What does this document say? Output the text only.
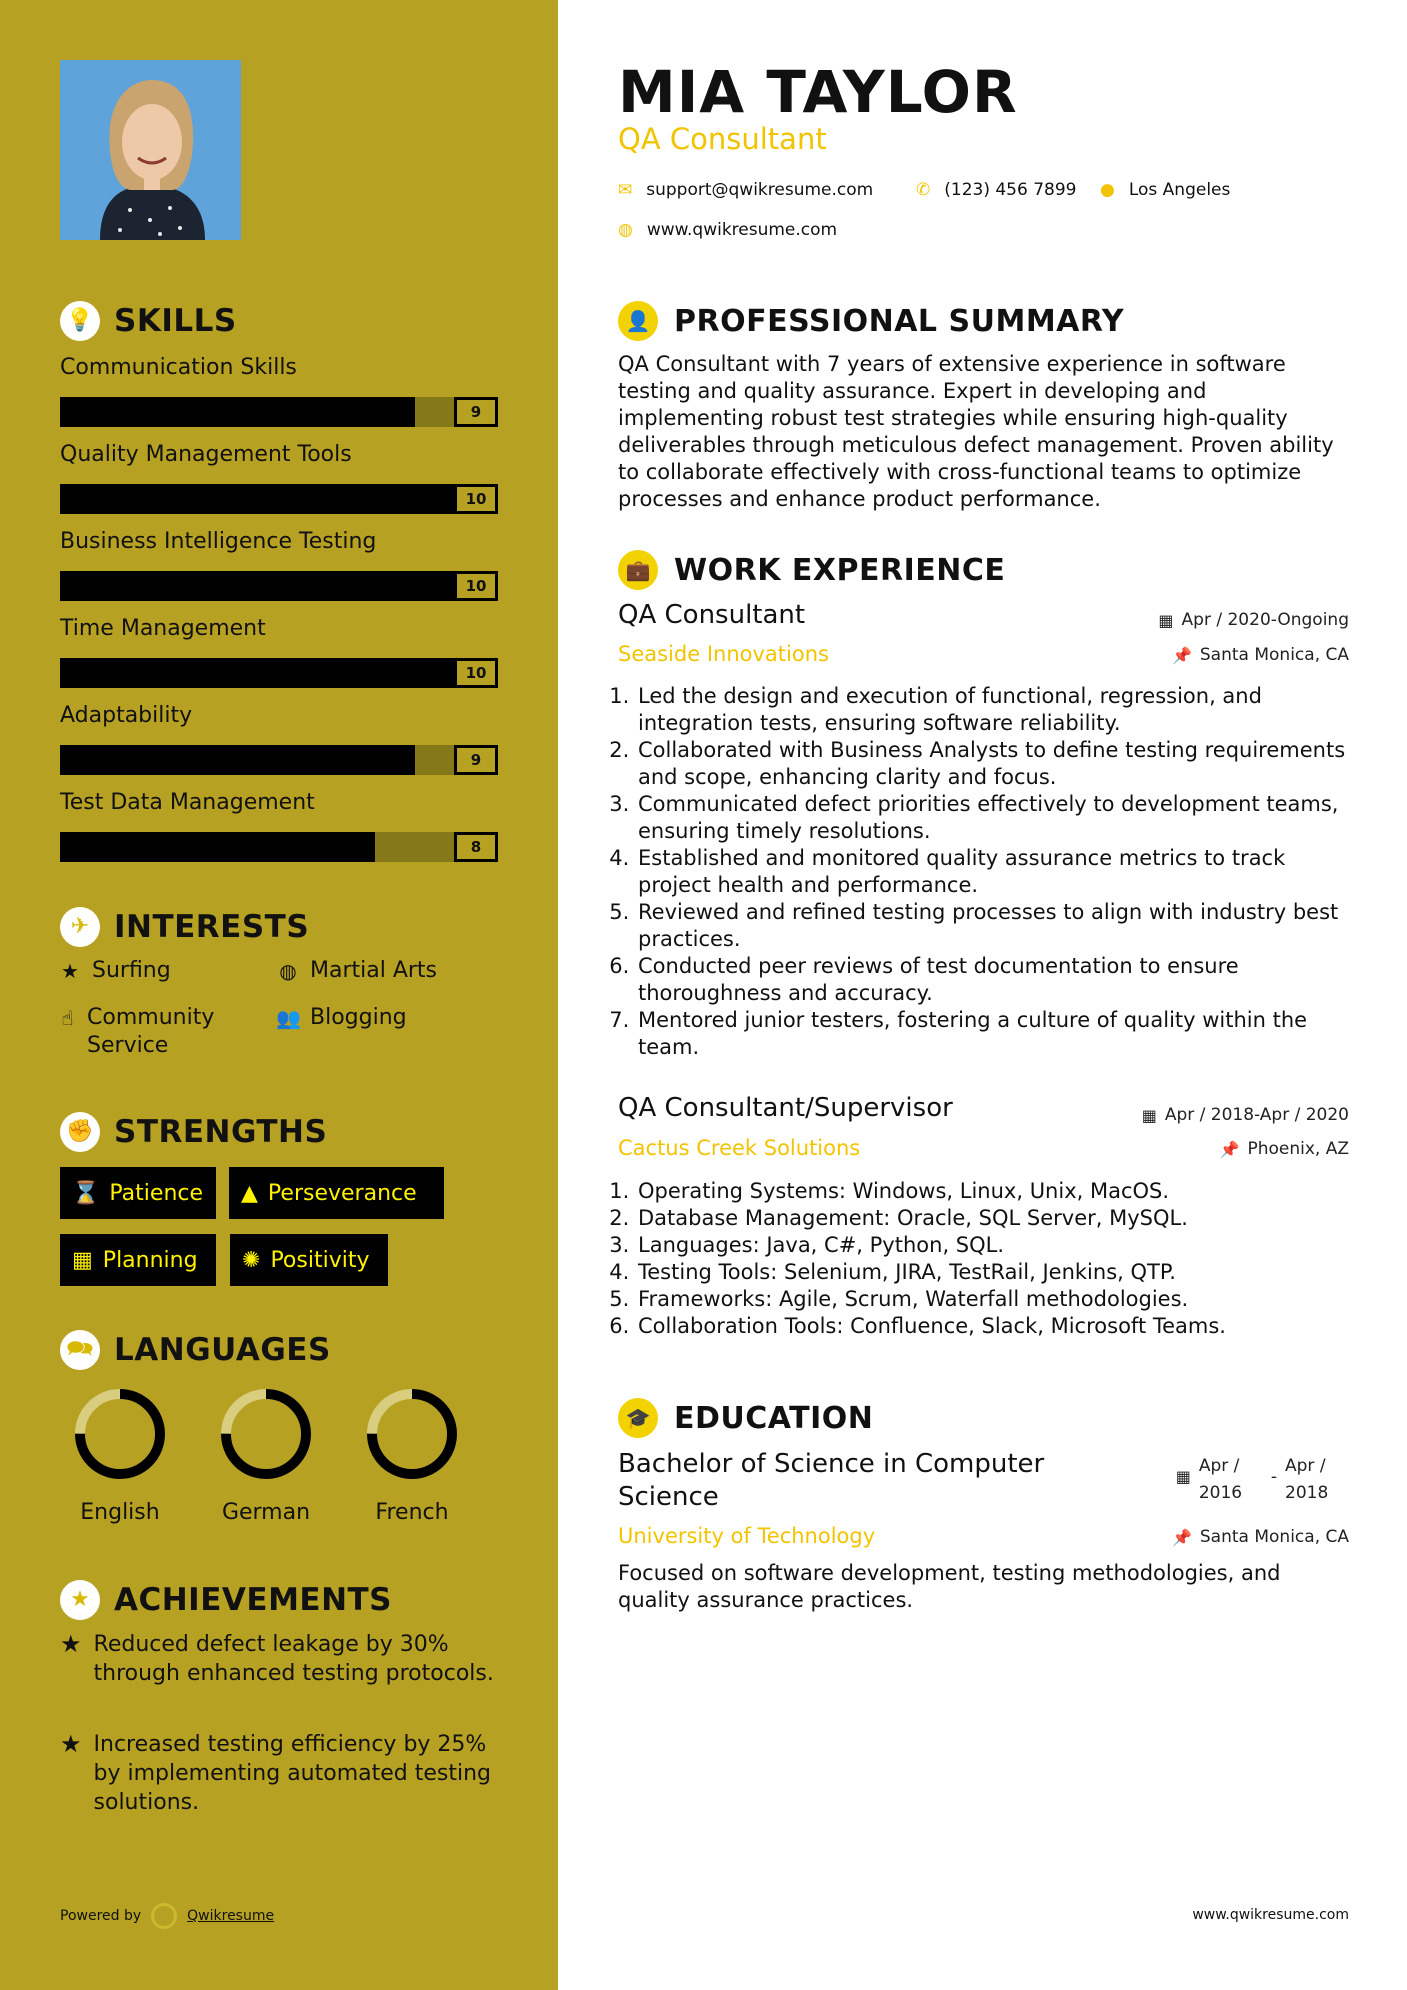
💡 SKILLS
Communication Skills
9
Quality Management Tools
10
Business Intelligence Testing
10
Time Management
10
Adaptability
9
Test Data Management
8
✈ INTERESTS
★ Surfing	◍ Martial Arts
☝ Community Service
👥 Blogging
✊ STRENGTHS
⌛ Patience ▲ Perseverance
▦ Planning ✺ Positivity
🗪 LANGUAGES
English	German	French
★ ACHIEVEMENTS
★ Reduced defect leakage by 30% through enhanced testing protocols.
★ Increased testing efficiency by 25% by implementing automated testing solutions.
Powered by	Qwikresume
MIA TAYLOR
QA Consultant
✉ support@qwikresume.com	✆ (123) 456 7899 ● Los Angeles
◍ www.qwikresume.com
👤 PROFESSIONAL SUMMARY
QA Consultant with 7 years of extensive experience in software testing and quality assurance. Expert in developing and implementing robust test strategies while ensuring high-quality deliverables through meticulous defect management. Proven ability to collaborate effectively with cross-functional teams to optimize processes and enhance product performance.
💼 WORK EXPERIENCE
QA Consultant	▦ Apr / 2020-Ongoing
Seaside Innovations	📌 Santa Monica, CA
1. Led the design and execution of functional, regression, and integration tests, ensuring software reliability.
2. Collaborated with Business Analysts to define testing requirements and scope, enhancing clarity and focus.
3. Communicated defect priorities effectively to development teams, ensuring timely resolutions.
4. Established and monitored quality assurance metrics to track project health and performance.
5. Reviewed and refined testing processes to align with industry best practices.
6. Conducted peer reviews of test documentation to ensure thoroughness and accuracy.
7. Mentored junior testers, fostering a culture of quality within the team.
QA Consultant/Supervisor	▦ Apr / 2018-Apr / 2020
Cactus Creek Solutions	📌 Phoenix, AZ
1. Operating Systems: Windows, Linux, Unix, MacOS.
2. Database Management: Oracle, SQL Server, MySQL.
3. Languages: Java, C#, Python, SQL.
4. Testing Tools: Selenium, JIRA, TestRail, Jenkins, QTP.
5. Frameworks: Agile, Scrum, Waterfall methodologies.
6. Collaboration Tools: Confluence, Slack, Microsoft Teams.
🎓 EDUCATION
Bachelor of Science in Computer Science
▦
Apr / 2016
-
Apr / 2018
University of Technology	📌 Santa Monica, CA
Focused on software development, testing methodologies, and quality assurance practices.
www.qwikresume.com
